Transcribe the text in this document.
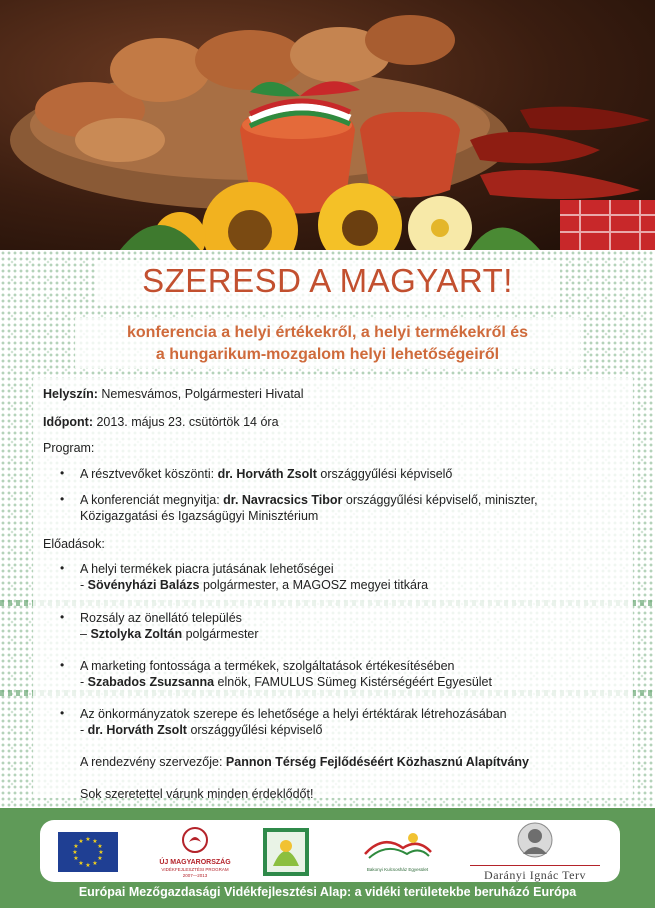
SZERESD A MAGYART!
konferencia a helyi értékekről, a helyi termékekről és
a hungarikum-mozgalom helyi lehetőségeiről
Helyszín: Nemesvámos, Polgármesteri Hivatal
Időpont: 2013. május 23. csütörtök 14 óra
Program:
• A résztvevőket köszönti: dr. Horváth Zsolt országgyűlési képviselő
• A konferenciát megnyitja: dr. Navracsics Tibor országgyűlési képviselő, miniszter,
Közigazgatási és Igazságügyi Minisztérium
Előadások:
• A helyi termékek piacra jutásának lehetőségei
- Sövényházi Balázs polgármester, a MAGOSZ megyei titkára
• Rozsály az önellátó település
– Sztolyka Zoltán polgármester
• A marketing fontossága a termékek, szolgáltatások értékesítésében
- Szabados Zsuzsanna elnök, FAMULUS Sümeg Kistérségéért Egyesület
• Az önkormányzatok szerepe és lehetősége a helyi értéktárak létrehozásában
- dr. Horváth Zsolt országgyűlési képviselő
A rendezvény szervezője: Pannon Térség Fejlődéséért Közhasznú Alapítvány
Sok szeretettel várunk minden érdeklődőt!
★ ★
★
★
★
★
★
★
★
★
★
★
ÚJ MAGYARORSZÁG
VIDÉKFEJLESZTÉSI PROGRAM
2007—2013
Bakonyi Kulcsosház Egyesület	Darányi Ignác Terv
Európai Mezőgazdasági Vidékfejlesztési Alap: a vidéki területekbe beruházó Európa
